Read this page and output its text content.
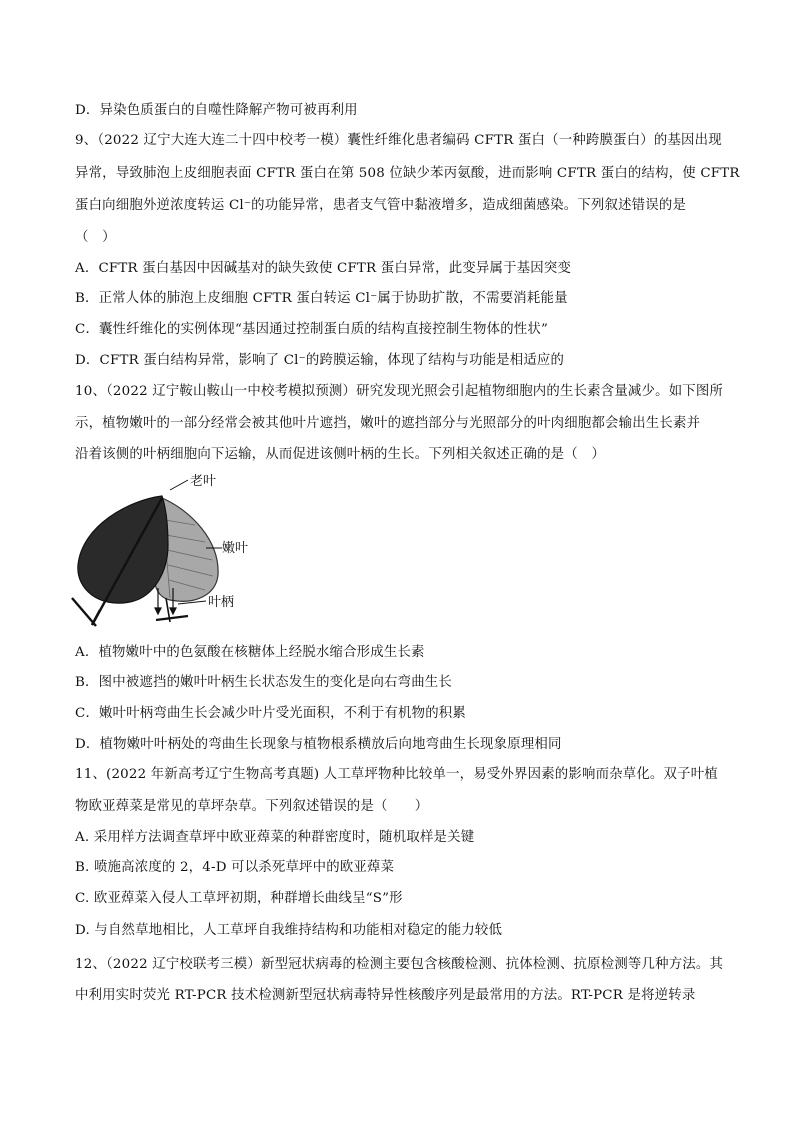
D．异染色质蛋白的自噬性降解产物可被再利用
9、（2022 辽宁大连大连二十四中校考一模）囊性纤维化患者编码 CFTR 蛋白（一种跨膜蛋白）的基因出现
异常，导致肺泡上皮细胞表面 CFTR 蛋白在第 508 位缺少苯丙氨酸，进而影响 CFTR 蛋白的结构，使 CFTR
蛋白向细胞外逆浓度转运 Cl⁻的功能异常，患者支气管中黏液增多，造成细菌感染。下列叙述错误的是
（　）
A．CFTR 蛋白基因中因碱基对的缺失致使 CFTR 蛋白异常，此变异属于基因突变
B．正常人体的肺泡上皮细胞 CFTR 蛋白转运 Cl⁻属于协助扩散，不需要消耗能量
C．囊性纤维化的实例体现“基因通过控制蛋白质的结构直接控制生物体的性状”
D．CFTR 蛋白结构异常，影响了 Cl⁻的跨膜运输，体现了结构与功能是相适应的
10、（2022 辽宁鞍山鞍山一中校考模拟预测）研究发现光照会引起植物细胞内的生长素含量减少。如下图所
示，植物嫩叶的一部分经常会被其他叶片遮挡，嫩叶的遮挡部分与光照部分的叶肉细胞都会输出生长素并
沿着该侧的叶柄细胞向下运输，从而促进该侧叶柄的生长。下列相关叙述正确的是（　）
老叶
嫩叶
叶柄
A．植物嫩叶中的色氨酸在核糖体上经脱水缩合形成生长素
B．图中被遮挡的嫩叶叶柄生长状态发生的变化是向右弯曲生长
C．嫩叶叶柄弯曲生长会减少叶片受光面积，不利于有机物的积累
D．植物嫩叶叶柄处的弯曲生长现象与植物根系横放后向地弯曲生长现象原理相同
11、(2022 年新高考辽宁生物高考真题) 人工草坪物种比较单一，易受外界因素的影响而杂草化。双子叶植
物欧亚蔊菜是常见的草坪杂草。下列叙述错误的是（　　）
A. 采用样方法调查草坪中欧亚蔊菜的种群密度时，随机取样是关键
B. 喷施高浓度的 2，4-D 可以杀死草坪中的欧亚蔊菜
C. 欧亚蔊菜入侵人工草坪初期，种群增长曲线呈“S”形
D. 与自然草地相比，人工草坪自我维持结构和功能相对稳定的能力较低
12、（2022 辽宁校联考三模）新型冠状病毒的检测主要包含核酸检测、抗体检测、抗原检测等几种方法。其
中利用实时荧光 RT-PCR 技术检测新型冠状病毒特异性核酸序列是最常用的方法。RT-PCR 是将逆转录
